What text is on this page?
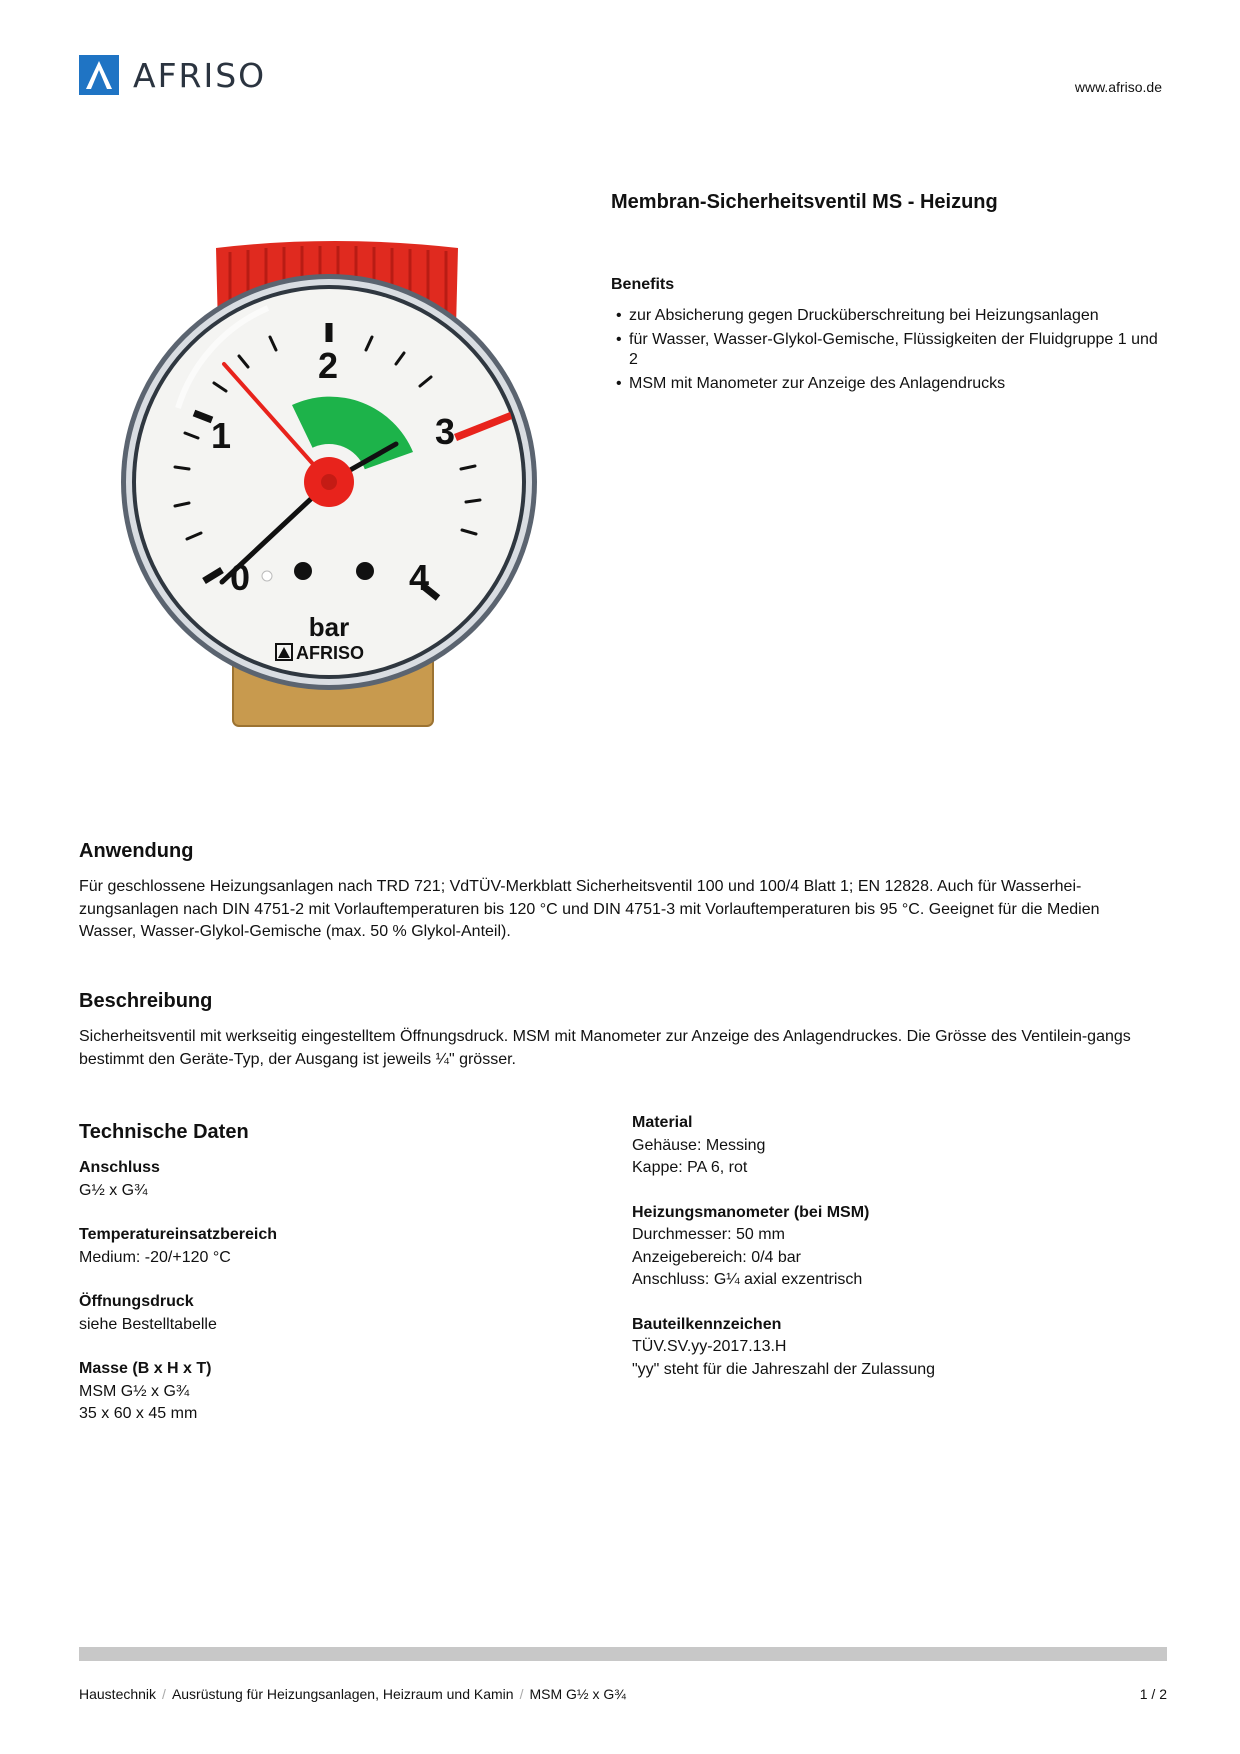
AFRISO	www.afriso.de
0
1
2
3
4
bar
AFRISO
Membran-Sicherheitsventil MS - Heizung
Benefits
• zur Absicherung gegen Drucküberschreitung bei Heizungsanlagen
• für Wasser, Wasser-Glykol-Gemische, Flüssigkeiten der Fluidgruppe 1 und 2
• MSM mit Manometer zur Anzeige des Anlagendrucks
Anwendung
Für geschlossene Heizungsanlagen nach TRD 721; VdTÜV-Merkblatt Sicherheitsventil 100 und 100/4 Blatt 1; EN 12828. Auch für Wasserhei-zungsanlagen nach DIN 4751-2 mit Vorlauftemperaturen bis 120 °C und DIN 4751-3 mit Vorlauftemperaturen bis 95 °C. Geeignet für die Medien Wasser, Wasser-Glykol-Gemische (max. 50 % Glykol-Anteil).
Beschreibung
Sicherheitsventil mit werkseitig eingestelltem Öffnungsdruck. MSM mit Manometer zur Anzeige des Anlagendruckes. Die Grösse des Ventilein-gangs bestimmt den Geräte-Typ, der Ausgang ist jeweils ¼" grösser.
Technische Daten
Anschluss
G½ x G¾
Temperatureinsatzbereich
Medium: -20/+120 °C
Öffnungsdruck
siehe Bestelltabelle
Masse (B x H x T)
MSM G½ x G¾
35 x 60 x 45 mm
Material
Gehäuse: Messing
Kappe: PA 6, rot
Heizungsmanometer (bei MSM)
Durchmesser: 50 mm
Anzeigebereich: 0/4 bar
Anschluss: G¼ axial exzentrisch
Bauteilkennzeichen
TÜV.SV.yy-2017.13.H
"yy" steht für die Jahreszahl der Zulassung
Haustechnik / Ausrüstung für Heizungsanlagen, Heizraum und Kamin / MSM G½ x G¾	1 / 2
